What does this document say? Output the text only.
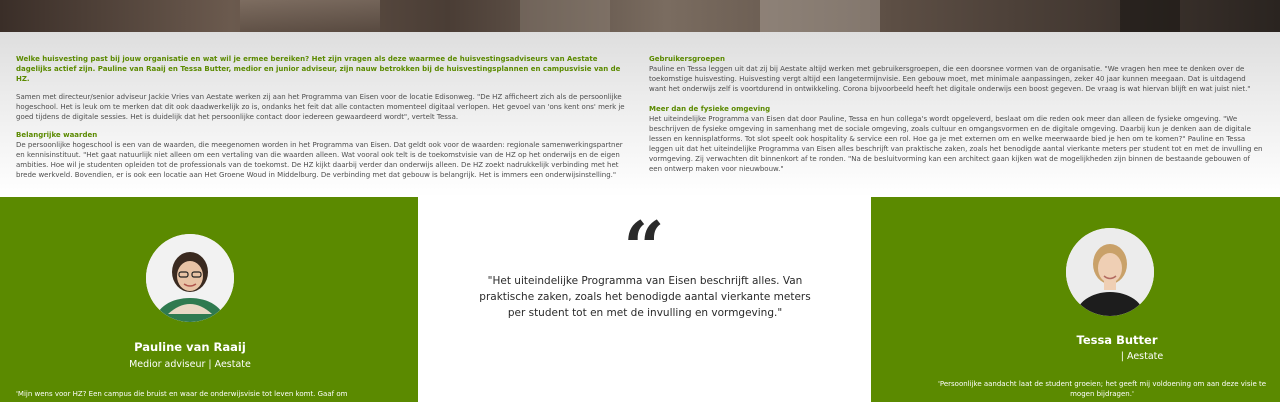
Welke huisvesting past bij jouw organisatie en wat wil je ermee bereiken? Het zijn vragen als deze waarmee de huisvestingsadviseurs van Aestate dagelijks actief zijn. Pauline van Raaij en Tessa Butter, medior en junior adviseur, zijn nauw betrokken bij de huisvestingsplannen en campusvisie van de HZ.
Samen met directeur/senior adviseur Jackie Vries van Aestate werken zij aan het Programma van Eisen voor de locatie Edisonweg. "De HZ afficheert zich als de persoonlijke hogeschool. Het is leuk om te merken dat dit ook daadwerkelijk zo is, ondanks het feit dat alle contacten momenteel digitaal verlopen. Het gevoel van 'ons kent ons' merk je goed tijdens de digitale sessies. Het is duidelijk dat het persoonlijke contact door iedereen gewaardeerd wordt", vertelt Tessa.
Belangrijke waarden
De persoonlijke hogeschool is een van de waarden, die meegenomen worden in het Programma van Eisen. Dat geldt ook voor de waarden: regionale samenwerkingspartner en kennisinstituut. "Het gaat natuurlijk niet alleen om een vertaling van die waarden alleen. Wat vooral ook telt is de toekomstvisie van de HZ op het onderwijs en de eigen ambities. Hoe wil je studenten opleiden tot de professionals van de toekomst. De HZ kijkt daarbij verder dan onderwijs alleen. De HZ zoekt nadrukkelijk verbinding met het brede werkveld. Bovendien, er is ook een locatie aan Het Groene Woud in Middelburg. De verbinding met dat gebouw is belangrijk. Het is immers een onderwijsinstelling."
Gebruikersgroepen
Pauline en Tessa leggen uit dat zij bij Aestate altijd werken met gebruikersgroepen, die een doorsnee vormen van de organisatie. "We vragen hen mee te denken over de toekomstige huisvesting. Huisvesting vergt altijd een langetermijnvisie. Een gebouw moet, met minimale aanpassingen, zeker 40 jaar kunnen meegaan. Dat is uitdagend want het onderwijs zelf is voortdurend in ontwikkeling. Corona bijvoorbeeld heeft het digitale onderwijs een boost gegeven. De vraag is wat hiervan blijft en wat juist niet."
Meer dan de fysieke omgeving
Het uiteindelijke Programma van Eisen dat door Pauline, Tessa en hun collega's wordt opgeleverd, beslaat om die reden ook meer dan alleen de fysieke omgeving. "We beschrijven de fysieke omgeving in samenhang met de sociale omgeving, zoals cultuur en omgangsvormen en de digitale omgeving. Daarbij kun je denken aan de digitale lessen en kennisplatforms. Tot slot speelt ook hospitality & service een rol. Hoe ga je met externen om en welke meerwaarde bied je hen om te komen?" Pauline en Tessa leggen uit dat het uiteindelijke Programma van Eisen alles beschrijft van praktische zaken, zoals het benodigde aantal vierkante meters per student tot en met de invulling en vormgeving. Zij verwachten dit binnenkort af te ronden. "Na de besluitvorming kan een architect gaan kijken wat de mogelijkheden zijn binnen de bestaande gebouwen of een ontwerp maken voor nieuwbouw."
“
"Het uiteindelijke Programma van Eisen beschrijft alles. Van praktische zaken, zoals het benodigde aantal vierkante meters per student tot en met de invulling en vormgeving."
Pauline van Raaij
Medior adviseur | Aestate
'Mijn wens voor HZ? Een campus die bruist en waar de onderwijsvisie tot leven komt. Gaaf om
Tessa Butter
| Aestate
'Persoonlijke aandacht laat de student groeien; het geeft mij voldoening om aan deze visie te mogen bijdragen.'
